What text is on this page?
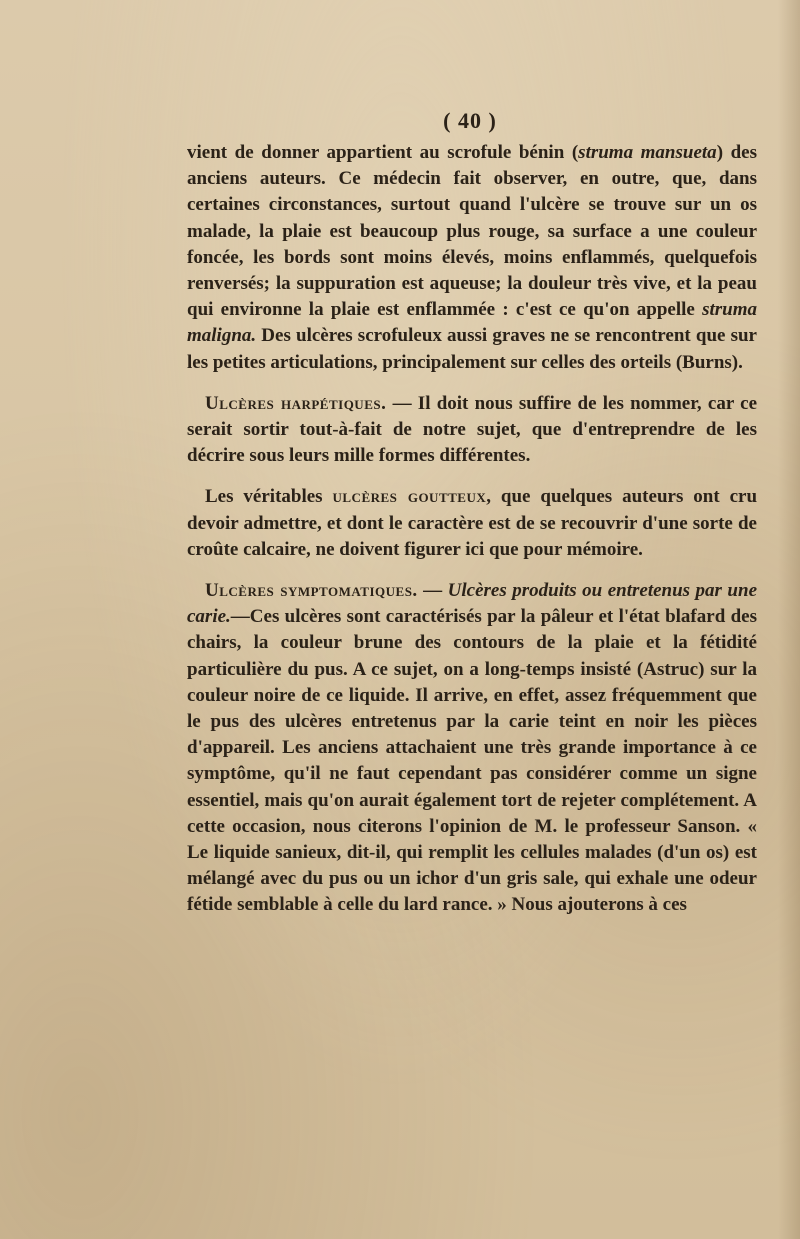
( 40 )

vient de donner appartient au scrofule bénin (struma mansueta) des anciens auteurs. Ce médecin fait observer, en outre, que, dans certaines circonstances, surtout quand l'ulcère se trouve sur un os malade, la plaie est beaucoup plus rouge, sa surface a une couleur foncée, les bords sont moins élevés, moins enflammés, quelquefois renversés; la suppuration est aqueuse; la douleur très vive, et la peau qui environne la plaie est enflammée : c'est ce qu'on appelle struma maligna. Des ulcères scrofuleux aussi graves ne se rencontrent que sur les petites articulations, principalement sur celles des orteils (Burns).

Ulcères harpétiques. — Il doit nous suffire de les nommer, car ce serait sortir tout-à-fait de notre sujet, que d'entreprendre de les décrire sous leurs mille formes différentes.

Les véritables ulcères goutteux, que quelques auteurs ont cru devoir admettre, et dont le caractère est de se recouvrir d'une sorte de croûte calcaire, ne doivent figurer ici que pour mémoire.

Ulcères symptomatiques. — Ulcères produits ou entretenus par une carie.—Ces ulcères sont caractérisés par la pâleur et l'état blafard des chairs, la couleur brune des contours de la plaie et la fétidité particulière du pus. A ce sujet, on a long-temps insisté (Astruc) sur la couleur noire de ce liquide. Il arrive, en effet, assez fréquemment que le pus des ulcères entretenus par la carie teint en noir les pièces d'appareil. Les anciens attachaient une très grande importance à ce symptôme, qu'il ne faut cependant pas considérer comme un signe essentiel, mais qu'on aurait également tort de rejeter complétement. A cette occasion, nous citerons l'opinion de M. le professeur Sanson. « Le liquide sanieux, dit-il, qui remplit les cellules malades (d'un os) est mélangé avec du pus ou un ichor d'un gris sale, qui exhale une odeur fétide semblable à celle du lard rance. » Nous ajouterons à ces
